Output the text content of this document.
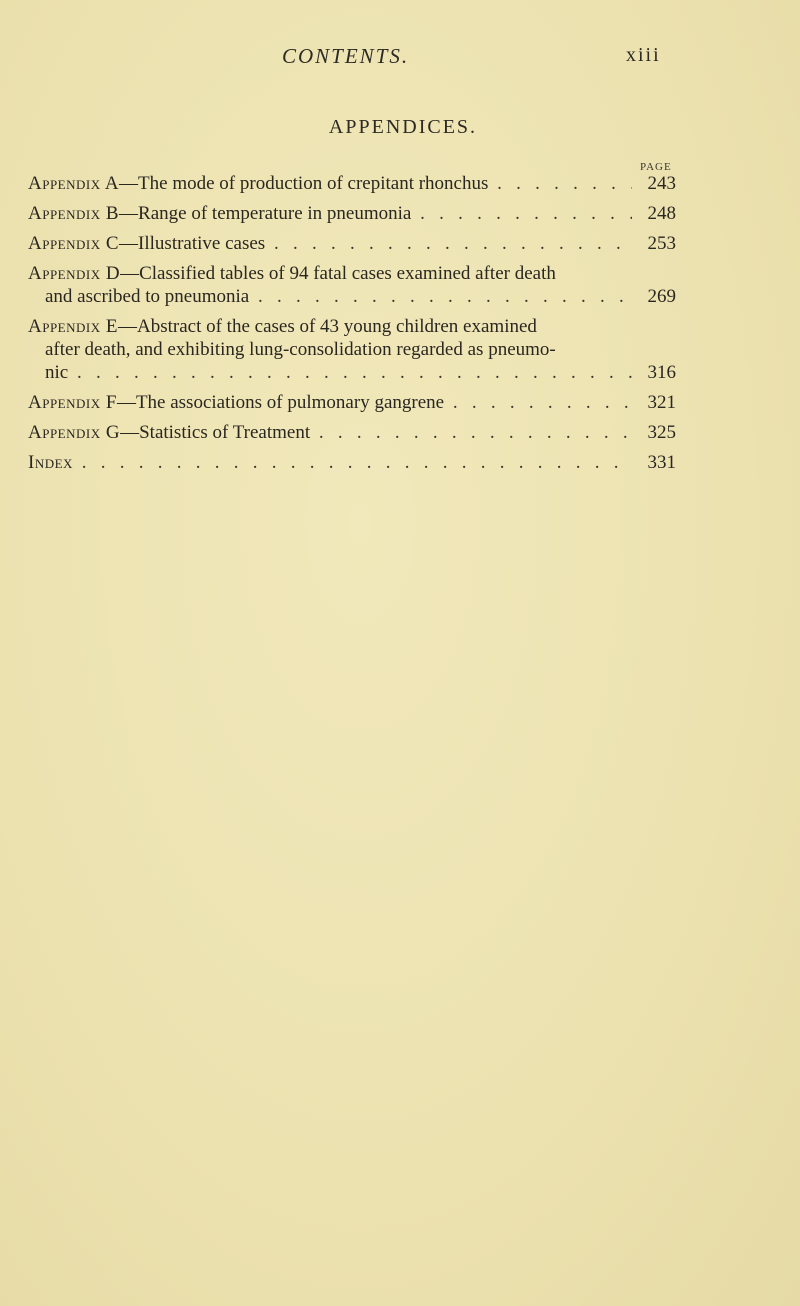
CONTENTS.	xiii
APPENDICES.
PAGE
Appendix A—The mode of production of crepitant rhonchus . .	243
Appendix B—Range of temperature in pneumonia . .	248
Appendix C—Illustrative cases . .	253
Appendix D—Classified tables of 94 fatal cases examined after death
and ascribed to pneumonia . .	269
Appendix E—Abstract of the cases of 43 young children examined
after death, and exhibiting lung-consolidation regarded as pneumo-
nic . .	316
Appendix F—The associations of pulmonary gangrene . .	321
Appendix G—Statistics of Treatment . .	325
Index . .	331
